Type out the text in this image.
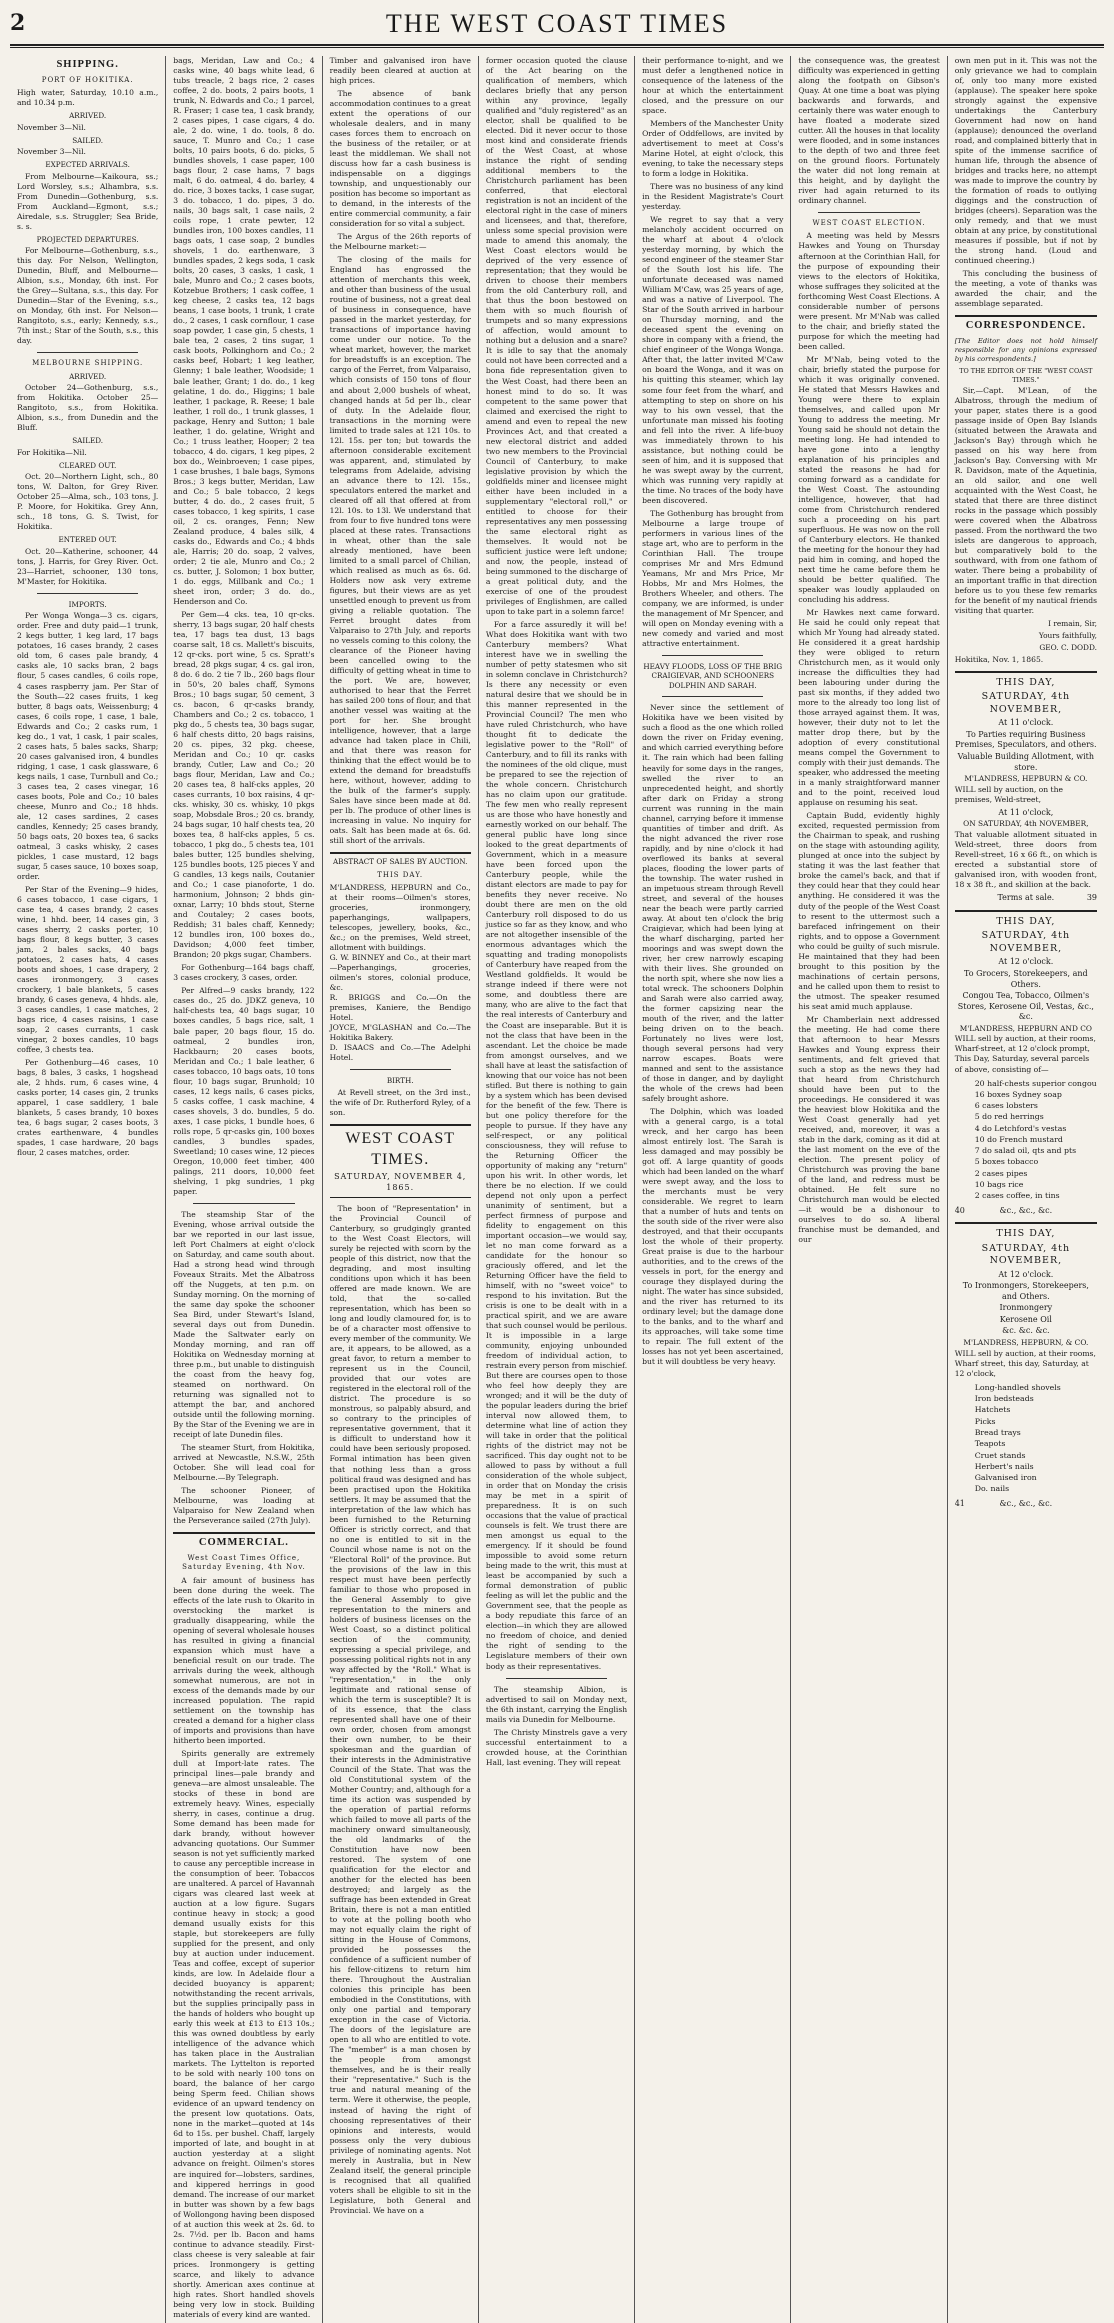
2	THE WEST COAST TIMES
SHIPPING.
PORT OF HOKITIKA.

High water, Saturday, 10.10 a.m., and 10.34 p.m.

ARRIVED.

November 3—Nil.

SAILED.

November 3—Nil.

EXPECTED ARRIVALS.

From Melbourne—Kaikoura, ss.; Lord Worsley, s.s.; Alhambra, s.s. From Dunedin—Gothenburg, s.s. From Auckland—Egmont, s.s.; Airedale, s.s. Struggler; Sea Bride, s. s.

PROJECTED DEPARTURES.

For Melbourne—Gothenburg, s.s., this day. For Nelson, Wellington, Dunedin, Bluff, and Melbourne—Albion, s.s., Monday, 6th inst. For the Grey—Sultana, s.s., this day. For Dunedin—Star of the Evening, s.s., on Monday, 6th inst. For Nelson—Rangitoto, s.s., early; Kennedy, s.s., 7th inst.; Star of the South, s.s., this day.

MELBOURNE SHIPPING.
ARRIVED.

October 24—Gothenburg, s.s., from Hokitika. October 25—Rangitoto, s.s., from Hokitika. Albion, s.s., from Dunedin and the Bluff.

SAILED.

For Hokitika—Nil.

CLEARED OUT.

Oct. 20—Northern Light, sch., 80 tons, W. Dalton, for Grey River. October 25—Alma, sch., 103 tons, J. P. Moore, for Hokitika. Grey Ann, sch., 18 tons, G. S. Twist, for Hokitika.

ENTERED OUT.

Oct. 20—Katherine, schooner, 44 tons, J. Harris, for Grey River. Oct. 23—Harriet, schooner, 130 tons, M'Master, for Hokitika.

IMPORTS.

Per Wonga Wonga—3 cs. cigars, order. Free and duty paid—1 trunk, 2 kegs butter, 1 keg lard, 17 bags potatoes, 16 cases brandy, 2 cases old tom, 6 cases pale brandy, 4 casks ale, 10 sacks bran, 2 bags flour, 5 cases candles, 6 coils rope, 4 cases raspberry jam. Per Star of the South—22 cases fruits, 1 keg butter, 8 bags oats, Weissenburg; 4 cases, 6 coils rope, 1 case, 1 bale, Edwards and Co.; 2 casks rum, 1 keg do., 1 vat, 1 cask, 1 pair scales, 2 cases hats, 5 bales sacks, Sharp; 20 cases galvanised iron, 4 bundles ridging, 1 case, 1 cask glassware, 6 kegs nails, 1 case, Turnbull and Co.; 3 cases tea, 2 cases vinegar, 16 cases boots, Pole and Co.; 10 bales cheese, Munro and Co.; 18 hhds. ale, 12 cases sardines, 2 cases candles, Kennedy; 25 cases brandy, 50 bags oats, 20 boxes tea, 6 sacks oatmeal, 3 casks whisky, 2 cases pickles, 1 case mustard, 12 bags sugar, 5 cases sauce, 10 boxes soap, order.

Per Star of the Evening—9 hides, 6 cases tobacco, 1 case cigars, 1 case tea, 4 cases brandy, 2 cases wine, 1 hhd. beer, 14 cases gin, 3 cases sherry, 2 casks porter, 10 bags flour, 8 kegs butter, 3 cases jam, 2 bales sacks, 40 bags potatoes, 2 cases hats, 4 cases boots and shoes, 1 case drapery, 2 cases ironmongery, 3 cases crockery, 1 bale blankets, 5 cases brandy, 6 cases geneva, 4 hhds. ale, 3 cases candles, 1 case matches, 2 bags rice, 4 cases raisins, 1 case soap, 2 cases currants, 1 cask vinegar, 2 boxes candles, 10 bags coffee, 3 chests tea.

Per Gothenburg—46 cases, 10 bags, 8 bales, 3 casks, 1 hogshead ale, 2 hhds. rum, 6 cases wine, 4 casks porter, 14 cases gin, 2 trunks apparel, 1 case saddlery, 1 bale blankets, 5 cases brandy, 10 boxes tea, 6 bags sugar, 2 cases boots, 3 crates earthenware, 4 bundles spades, 1 case hardware, 20 bags flour, 2 cases matches, order.

bags, Meridan, Law and Co.; 4 casks wine, 40 bags white lead, 6 tubs treacle, 2 bags rice, 2 cases coffee, 2 do. boots, 2 pairs boots, 1 trunk, N. Edwards and Co.; 1 parcel, R. Fraser; 1 case tea, 1 cask brandy, 2 cases pipes, 1 case cigars, 4 do. ale, 2 do. wine, 1 do. tools, 8 do. sauce, T. Munro and Co.; 1 case bolts, 10 pairs boots, 6 do. picks, 5 bundles shovels, 1 case paper, 100 bags flour, 2 case hams, 7 bags malt, 6 do. oatmeal, 4 do. barley, 4 do. rice, 3 boxes tacks, 1 case sugar, 3 do. tobacco, 1 do. pipes, 3 do. nails, 30 bags salt, 1 case nails, 2 coils rope, 1 crate pewter, 12 bundles iron, 100 boxes candles, 11 bags oats, 1 case soap, 2 bundles shovels, 1 do. earthenware, 3 bundles spades, 2 kegs soda, 1 cask bolts, 20 cases, 3 casks, 1 cask, 1 bale, Munro and Co.; 2 cases boots, Kotzebue Brothers; 1 cask coffee, 1 keg cheese, 2 casks tea, 12 bags beans, 1 case boots, 1 trunk, 1 crate do., 2 cases, 1 cask cornflour, 1 case soap powder, 1 case gin, 5 chests, 1 bale tea, 2 cases, 2 tins sugar, 1 cask boots, Polkinghorn and Co.; 2 casks beef, Hobart; 1 keg leather, Glenny; 1 bale leather, Woodside; 1 bale leather, Grant; 1 do. do., 1 keg gelatine, 1 do. do., Higgins; 1 bale leather, 1 package, R. Reese; 1 bale leather, 1 roll do., 1 trunk glasses, 1 package, Henry and Sutton; 1 bale leather, 1 do. gelatine, Wright and Co.; 1 truss leather, Hooper; 2 tea tobacco, 4 do. cigars, 1 keg pipes, 2 box do., Weinbroeven; 1 case pipes, 1 case brushes, 1 bale bags, Symons Bros.; 3 kegs butter, Meridan, Law and Co.; 5 bale tobacco, 2 kegs butter, 4 do. do., 2 cases fruit, 5 cases tobacco, 1 keg spirits, 1 case oil, 2 cs. oranges, Fenn; New Zealand produce, 4 bales silk, 4 casks do., Edwards and Co.; 4 bhds ale, Harris; 20 do. soap, 2 valves, order; 2 tie ale, Munro and Co.; 2 cs. butter, J. Solomon; 1 box butter, 1 do. eggs, Millbank and Co.; 1 sheet iron, order; 3 do. do., Henderson and Co.

Per Gem—4 cks. tea, 10 qr-cks. sherry, 13 bags sugar, 20 half chests tea, 17 bags tea dust, 13 bags coarse salt, 18 cs. Mallett's biscuits, 12 qr-cks. port wine, 5 cs. Spratt's bread, 28 pkgs sugar, 4 cs. gal iron, 8 do. 6 do. 2 tie 7 lb., 260 bags flour in 50's, 20 bales chaff, Symons Bros.; 10 bags sugar, 50 cement, 3 cs. bacon, 6 qr-casks brandy, Chambers and Co.; 2 cs. tobacco, 1 pkg do., 5 chests tea, 30 bags sugar, 6 half chests ditto, 20 bags raisins, 20 cs. pipes, 32 pkg. cheese, Meridan and Co.; 10 qr. casks brandy, Cutler, Law and Co.; 20 bags flour, Meridan, Law and Co.; 20 cases tea, 8 half-cks apples, 20 cases currants, 10 box raisins, 4 qr-cks. whisky, 30 cs. whisky, 10 pkgs soap, Mobsdale Bros.; 20 cs. brandy, 24 bags sugar, 10 half chests tea, 20 boxes tea, 8 half-cks apples, 5 cs. tobacco, 1 pkg do., 5 chests tea, 101 bales butter, 125 bundles shelving, 125 bundles boots, 125 pieces Y and G candles, 13 kegs nails, Coutanier and Co.; 1 case pianoforte, 1 do. harmonium, Johnson; 2 bhds gin-oxnar, Larry; 10 bhds stout, Sterne and Coutaley; 2 cases boots, Reddish; 31 bales chaff, Kennedy; 12 bundles iron, 100 boxes do., Davidson; 4,000 feet timber, Brandon; 20 pkgs sugar, Chambers.

For Gothenburg—164 bags chaff, 3 cases crockery, 3 cases, order.

Per Alfred—9 casks brandy, 122 cases do., 25 do. JDKZ geneva, 10 half-chests tea, 40 bags sugar, 10 boxes candles, 5 bags rice, salt, 1 bale paper, 20 bags flour, 15 do. oatmeal, 2 bundles iron, Hackbaurn; 20 cases boots, Meridan and Co.; 1 bale leather, 6 cases tobacco, 10 bags oats, 10 tons flour, 10 bags sugar, Brunhold; 10 cases, 12 kegs nails, 6 cases picks, 5 casks coffee, 1 cask machine, 4 cases shovels, 3 do. bundles, 5 do. axes, 1 case picks, 1 bundle hoes, 6 rolls rope, 5 qr-casks gin, 100 boxes candles, 3 bundles spades, Sweetland; 10 cases wine, 12 pieces Oregon, 10,000 feet timber, 400 palings, 211 doors, 10,000 feet shelving, 1 pkg sundries, 1 pkg paper.

The steamship Star of the Evening, whose arrival outside the bar we reported in our last issue, left Port Chalmers at eight o'clock on Saturday, and came south about. Had a strong head wind through Foveaux Straits. Met the Albatross off the Nuggets, at ten p.m. on Sunday morning. On the morning of the same day spoke the schooner Sea Bird, under Stewart's Island, several days out from Dunedin. Made the Saltwater early on Monday morning, and ran off Hokitika on Wednesday morning at three p.m., but unable to distinguish the coast from the heavy fog, steamed on northward. On returning was signalled not to attempt the bar, and anchored outside until the following morning. By the Star of the Evening we are in receipt of late Dunedin files.

The steamer Sturt, from Hokitika, arrived at Newcastle, N.S.W., 25th October. She will lead coal for Melbourne.—By Telegraph.

The schooner Pioneer, of Melbourne, was loading at Valparaiso for New Zealand when the Perseverance sailed (27th July).

COMMERCIAL.
West Coast Times Office, Saturday Evening, 4th Nov.

A fair amount of business has been done during the week. The effects of the late rush to Okarito in overstocking the market is gradually disappearing, while the opening of several wholesale houses has resulted in giving a financial expansion which must have a beneficial result on our trade. The arrivals during the week, although somewhat numerous, are not in excess of the demands made by our increased population. The rapid settlement on the township has created a demand for a higher class of imports and provisions than have hitherto been imported.

Spirits generally are extremely dull at Import-late rates. The principal lines—pale brandy and geneva—are almost unsaleable. The stocks of these in bond are extremely heavy. Wines, especially sherry, in cases, continue a drug. Some demand has been made for dark brandy, without however advancing quotations. Our Summer season is not yet sufficiently marked to cause any perceptible increase in the consumption of beer. Tobaccos are unaltered. A parcel of Havannah cigars was cleared last week at auction at a low figure. Sugars continue heavy in stock; a good demand usually exists for this staple, but storekeepers are fully supplied for the present, and only buy at auction under inducement. Teas and coffee, except of superior kinds, are low. In Adelaide flour a decided buoyancy is apparent; notwithstanding the recent arrivals, but the supplies principally pass in the hands of holders who bought up early this week at £13 to £13 10s.; this was owned doubtless by early intelligence of the advance which has taken place in the Australian markets. The Lyttelton is reported to be sold with nearly 100 tons on board, the balance of her cargo being Sperm feed. Chilian shows evidence of an upward tendency on the present low quotations. Oats, none in the market—quoted at 14s 6d to 15s. per bushel. Chaff, largely imported of late, and bought in at auction yesterday at a slight advance on freight. Oilmen's stores are inquired for—lobsters, sardines, and kippered herrings in good demand. The increase of our market in butter was shown by a few bags of Wollongong having been disposed of at auction this week at 2s. 6d. to 2s. 7½d. per lb. Bacon and hams continue to advance steadily. First-class cheese is very saleable at fair prices. Ironmongery is getting scarce, and likely to advance shortly. American axes continue at high rates. Short handled shovels being very low in stock. Building materials of every kind are wanted.

Timber and galvanised iron have readily been cleared at auction at high prices.

The absence of bank accommodation continues to a great extent the operations of our wholesale dealers, and in many cases forces them to encroach on the business of the retailer, or at least the middleman. We shall not discuss how far a cash business is indispensable on a diggings township, and unquestionably our position has become so important as to demand, in the interests of the entire commercial community, a fair consideration for so vital a subject.

The Argus of the 26th reports of the Melbourne market:—

The closing of the mails for England has engrossed the attention of merchants this week, and other than business of the usual routine of business, not a great deal of business in consequence, have passed in the market yesterday, for transactions of importance having come under our notice. To the wheat market, however, the market for breadstuffs is an exception. The cargo of the Ferret, from Valparaiso, which consists of 150 tons of flour and about 2,000 bushels of wheat, changed hands at 5d per lb., clear of duty. In the Adelaide flour, transactions in the morning were limited to trade sales at 121 10s. to 12l. 15s. per ton; but towards the afternoon considerable excitement was apparent, and, stimulated by telegrams from Adelaide, advising an advance there to 12l. 15s., speculators entered the market and cleared off all that offered at from 12l. 10s. to 13l. We understand that from four to five hundred tons were placed at these rates. Transactions in wheat, other than the sale already mentioned, have been limited to a small parcel of Chilian, which realised as much as 6s. 6d. Holders now ask very extreme figures, but their views are as yet unsettled enough to prevent us from giving a reliable quotation. The Ferret brought dates from Valparaiso to 27th July, and reports no vessels coming to this colony, the clearance of the Pioneer having been cancelled owing to the difficulty of getting wheat in time to the port. We are, however, authorised to hear that the Ferret has sailed 200 tons of flour, and that another vessel was waiting at the port for her. She brought intelligence, however, that a large advance had taken place in Chili, and that there was reason for thinking that the effect would be to extend the demand for breadstuffs here, without, however, adding to the bulk of the farmer's supply. Sales have since been made at 8d. per lb. The produce of other lines is increasing in value. No inquiry for oats. Salt has been made at 6s. 6d. still short of the arrivals.

ABSTRACT OF SALES BY AUCTION.
THIS DAY.

M'LANDRESS, HEPBURN and Co., at their rooms—Oilmen's stores, groceries, ironmongery, paperhangings, wallpapers, telescopes, jewellery, books, &c., &c.; on the premises, Weld street, allotment with buildings.
G. W. BINNEY and Co., at their mart—Paperhangings, groceries, oilmen's stores, colonial produce, &c.
R. BRIGGS and Co.—On the premises, Kaniere, the Bendigo Hotel.
JOYCE, M'GLASHAN and Co.—The Hokitika Bakery.
D. ISAACS and Co.—The Adelphi Hotel.

BIRTH.

At Revell street, on the 3rd inst., the wife of Dr. Rutherford Ryley, of a son.

WEST COAST TIMES.
SATURDAY, NOVEMBER 4, 1865.

The boon of "Representation" in the Provincial Council of Canterbury, so grudgingly granted to the West Coast Electors, will surely be rejected with scorn by the people of this district, now that the degrading, and most insulting conditions upon which it has been offered are made known. We are told, that the so-called representation, which has been so long and loudly clamoured for, is to be of a character most offensive to every member of the community. We are, it appears, to be allowed, as a great favor, to return a member to represent us in the Council, provided that our votes are registered in the electoral roll of the district. The procedure is so monstrous, so palpably absurd, and so contrary to the principles of representative government, that it is difficult to understand how it could have been seriously proposed. Formal intimation has been given that nothing less than a gross political fraud was designed and has been practised upon the Hokitika settlers. It may be assumed that the interpretation of the law which has been furnished to the Returning Officer is strictly correct, and that no one is entitled to sit in the Council whose name is not on the "Electoral Roll" of the province. But the provisions of the law in this respect must have been perfectly familiar to those who proposed in the General Assembly to give representation to the miners and holders of business licenses on the West Coast, so a distinct political section of the community, expressing a special privilege, and possessing political rights not in any way affected by the "Roll." What is "representation," in the only legitimate and rational sense of which the term is susceptible? It is of its essence, that the class represented shall have one of their own order, chosen from amongst their own number, to be their spokesman and the guardian of their interests in the Administrative Council of the State. That was the old Constitutional system of the Mother Country; and, although for a time its action was suspended by the operation of partial reforms which failed to move all parts of the machinery onward simultaneously, the old landmarks of the Constitution have now been restored. The system of one qualification for the elector and another for the elected has been destroyed; and largely as the suffrage has been extended in Great Britain, there is not a man entitled to vote at the polling booth who may not equally claim the right of sitting in the House of Commons, provided he possesses the confidence of a sufficient number of his fellow-citizens to return him there. Throughout the Australian colonies this principle has been embodied in the Constitutions, with only one partial and temporary exception in the case of Victoria. The doors of the legislature are open to all who are entitled to vote. The "member" is a man chosen by the people from amongst themselves, and he is their really their "representative." Such is the true and natural meaning of the term. Were it otherwise, the people, instead of having the right of choosing representatives of their opinions and interests, would possess only the very dubious privilege of nominating agents. Not merely in Australia, but in New Zealand itself, the general principle is recognised that all qualified voters shall be eligible to sit in the Legislature, both General and Provincial. We have on a

former occasion quoted the clause of the Act bearing on the qualification of members, which declares briefly that any person within any province, legally qualified and "duly registered" as an elector, shall be qualified to be elected. Did it never occur to those most kind and considerate friends of the West Coast, at whose instance the right of sending additional members to the Christchurch parliament has been conferred, that electoral registration is not an incident of the electoral right in the case of miners and licensees, and that, therefore, unless some special provision were made to amend this anomaly, the West Coast electors would be deprived of the very essence of representation; that they would be driven to choose their members from the old Canterbury roll, and that thus the boon bestowed on them with so much flourish of trumpets and so many expressions of affection, would amount to nothing but a delusion and a snare? It is idle to say that the anomaly could not have been corrected and a bona fide representation given to the West Coast, had there been an honest mind to do so. It was competent to the same power that claimed and exercised the right to amend and even to repeal the new Provinces Act, and that created a new electoral district and added two new members to the Provincial Council of Canterbury, to make legislative provision by which the goldfields miner and licensee might either have been included in a supplementary "electoral roll," or entitled to choose for their representatives any men possessing the same electoral right as themselves. It would not be sufficient justice were left undone; and now, the people, instead of being summoned to the discharge of a great political duty, and the exercise of one of the proudest privileges of Englishmen, are called upon to take part in a solemn farce!

For a farce assuredly it will be! What does Hokitika want with two Canterbury members? What interest have we in swelling the number of petty statesmen who sit in solemn conclave in Christchurch? Is there any necessity or even natural desire that we should be in this manner represented in the Provincial Council? The men who have ruled Christchurch, who have thought fit to dedicate the legislative power to the "Roll" of Canterbury, and to fill its ranks with the nominees of the old clique, must be prepared to see the rejection of the whole concern. Christchurch has no claim upon our gratitude. The few men who really represent us are those who have honestly and earnestly worked on our behalf. The general public have long since looked to the great departments of Government, which in a measure have been forced upon the Canterbury people, while the distant electors are made to pay for benefits they never receive. No doubt there are men on the old Canterbury roll disposed to do us justice so far as they know, and who are not altogether insensible of the enormous advantages which the squatting and trading monopolists of Canterbury have reaped from the Westland goldfields. It would be strange indeed if there were not some, and doubtless there are many, who are alive to the fact that the real interests of Canterbury and the Coast are inseparable. But it is not the class that have been in the ascendant. Let the choice be made from amongst ourselves, and we shall have at least the satisfaction of knowing that our voice has not been stifled. But there is nothing to gain by a system which has been devised for the benefit of the few. There is but one policy therefore for the people to pursue. If they have any self-respect, or any political consciousness, they will refuse to the Returning Officer the opportunity of making any "return" upon his writ. In other words, let there be no election. If we could depend not only upon a perfect unanimity of sentiment, but a perfect firmness of purpose and fidelity to engagement on this important occasion—we would say, let no man come forward as a candidate for the honour so graciously offered, and let the Returning Officer have the field to himself, with no "sweet voice" to respond to his invitation. But the crisis is one to be dealt with in a practical spirit, and we are aware that such counsel would be perilous. It is impossible in a large community, enjoying unbounded freedom of individual action, to restrain every person from mischief. But there are courses open to those who feel how deeply they are wronged; and it will be the duty of the popular leaders during the brief interval now allowed them, to determine what line of action they will take in order that the political rights of the district may not be sacrificed. This day ought not to be allowed to pass by without a full consideration of the whole subject, in order that on Monday the crisis may be met in a spirit of preparedness. It is on such occasions that the value of practical counsels is felt. We trust there are men amongst us equal to the emergency. If it should be found impossible to avoid some return being made to the writ, this must at least be accompanied by such a formal demonstration of public feeling as will let the public and the Government see, that the people as a body repudiate this farce of an election—in which they are allowed no freedom of choice, and denied the right of sending to the Legislature members of their own body as their representatives.

The steamship Albion, is advertised to sail on Monday next, the 6th instant, carrying the English mails via Dunedin for Melbourne.

The Christy Minstrels gave a very successful entertainment to a crowded house, at the Corinthian Hall, last evening. They will repeat

their performance to-night, and we must defer a lengthened notice in consequence of the lateness of the hour at which the entertainment closed, and the pressure on our space.

Members of the Manchester Unity Order of Oddfellows, are invited by advertisement to meet at Coss's Marine Hotel, at eight o'clock, this evening, to take the necessary steps to form a lodge in Hokitika.

There was no business of any kind in the Resident Magistrate's Court yesterday.

We regret to say that a very melancholy accident occurred on the wharf at about 4 o'clock yesterday morning, by which the second engineer of the steamer Star of the South lost his life. The unfortunate deceased was named William M'Caw, was 25 years of age, and was a native of Liverpool. The Star of the South arrived in harbour on Thursday morning, and the deceased spent the evening on shore in company with a friend, the chief engineer of the Wonga Wonga. After that, the latter invited M'Caw on board the Wonga, and it was on his quitting this steamer, which lay some four feet from the wharf, and attempting to step on shore on his way to his own vessel, that the unfortunate man missed his footing and fell into the river. A life-buoy was immediately thrown to his assistance, but nothing could be seen of him, and it is supposed that he was swept away by the current, which was running very rapidly at the time. No traces of the body have been discovered.

The Gothenburg has brought from Melbourne a large troupe of performers in various lines of the stage art, who are to perform in the Corinthian Hall. The troupe comprises Mr and Mrs Edmund Yeamans, Mr and Mrs Price, Mr Hobbs, Mr and Mrs Holmes, the Brothers Wheeler, and others. The company, we are informed, is under the management of Mr Spencer, and will open on Monday evening with a new comedy and varied and most attractive entertainment.

HEAVY FLOODS, LOSS OF THE BRIG CRAIGIEVAR, AND SCHOONERS DOLPHIN AND SARAH.

Never since the settlement of Hokitika have we been visited by such a flood as the one which rolled down the river on Friday evening, and which carried everything before it. The rain which had been falling heavily for some days in the ranges, swelled the river to an unprecedented height, and shortly after dark on Friday a strong current was running in the main channel, carrying before it immense quantities of timber and drift. As the night advanced the river rose rapidly, and by nine o'clock it had overflowed its banks at several places, flooding the lower parts of the township. The water rushed in an impetuous stream through Revell street, and several of the houses near the beach were partly carried away. At about ten o'clock the brig Craigievar, which had been lying at the wharf discharging, parted her moorings and was swept down the river, her crew narrowly escaping with their lives. She grounded on the north spit, where she now lies a total wreck. The schooners Dolphin and Sarah were also carried away, the former capsizing near the mouth of the river, and the latter being driven on to the beach. Fortunately no lives were lost, though several persons had very narrow escapes. Boats were manned and sent to the assistance of those in danger, and by daylight the whole of the crews had been safely brought ashore.

The Dolphin, which was loaded with a general cargo, is a total wreck, and her cargo has been almost entirely lost. The Sarah is less damaged and may possibly be got off. A large quantity of goods which had been landed on the wharf were swept away, and the loss to the merchants must be very considerable. We regret to learn that a number of huts and tents on the south side of the river were also destroyed, and that their occupants lost the whole of their property. Great praise is due to the harbour authorities, and to the crews of the vessels in port, for the energy and courage they displayed during the night. The water has since subsided, and the river has returned to its ordinary level; but the damage done to the banks, and to the wharf and its approaches, will take some time to repair. The full extent of the losses has not yet been ascertained, but it will doubtless be very heavy.

the consequence was, the greatest difficulty was experienced in getting along the footpath on Gibson's Quay. At one time a boat was plying backwards and forwards, and certainly there was water enough to have floated a moderate sized cutter. All the houses in that locality were flooded, and in some instances to the depth of two and three feet on the ground floors. Fortunately the water did not long remain at this height, and by daylight the river had again returned to its ordinary channel.

WEST COAST ELECTION.

A meeting was held by Messrs Hawkes and Young on Thursday afternoon at the Corinthian Hall, for the purpose of expounding their views to the electors of Hokitika, whose suffrages they solicited at the forthcoming West Coast Elections. A considerable number of persons were present. Mr M'Nab was called to the chair, and briefly stated the purpose for which the meeting had been called.

Mr M'Nab, being voted to the chair, briefly stated the purpose for which it was originally convened. He stated that Messrs Hawkes and Young were there to explain themselves, and called upon Mr Young to address the meeting. Mr Young said he should not detain the meeting long. He had intended to have gone into a lengthy explanation of his principles and stated the reasons he had for coming forward as a candidate for the West Coast. The astounding intelligence, however, that had come from Christchurch rendered such a proceeding on his part superfluous. He was now on the roll of Canterbury electors. He thanked the meeting for the honour they had paid him in coming, and hoped the next time he came before them he should be better qualified. The speaker was loudly applauded on concluding his address.

Mr Hawkes next came forward. He said he could only repeat that which Mr Young had already stated. He considered it a great hardship they were obliged to return Christchurch men, as it would only increase the difficulties they had been labouring under during the past six months, if they added two more to the already too long list of those arrayed against them. It was, however, their duty not to let the matter drop there, but by the adoption of every constitutional means compel the Government to comply with their just demands. The speaker, who addressed the meeting in a manly straightforward manner and to the point, received loud applause on resuming his seat.

Captain Budd, evidently highly excited, requested permission from the Chairman to speak, and rushing on the stage with astounding agility, plunged at once into the subject by stating it was the last feather that broke the camel's back, and that if they could hear that they could hear anything. He considered it was the duty of the people of the West Coast to resent to the uttermost such a barefaced infringement on their rights, and to oppose a Government who could be guilty of such misrule. He maintained that they had been brought to this position by the machinations of certain persons, and he called upon them to resist to the utmost. The speaker resumed his seat amid much applause.

Mr Chamberlain next addressed the meeting. He had come there that afternoon to hear Messrs Hawkes and Young express their sentiments, and felt grieved that such a stop as the news they had that heard from Christchurch should have been put to the proceedings. He considered it was the heaviest blow Hokitika and the West Coast generally had yet received, and, moreover, it was a stab in the dark, coming as it did at the last moment on the eve of the election. The present policy of Christchurch was proving the bane of the land, and redress must be obtained. He felt sure no Christchurch man would be elected—it would be a dishonour to ourselves to do so. A liberal franchise must be demanded, and our

own men put in it. This was not the only grievance we had to complain of, only too many more existed (applause). The speaker here spoke strongly against the expensive undertakings the Canterbury Government had now on hand (applause); denounced the overland road, and complained bitterly that in spite of the immense sacrifice of human life, through the absence of bridges and tracks here, no attempt was made to improve the country by the formation of roads to outlying diggings and the construction of bridges (cheers). Separation was the only remedy, and that we must obtain at any price, by constitutional measures if possible, but if not by the strong hand. (Loud and continued cheering.)

This concluding the business of the meeting, a vote of thanks was awarded the chair, and the assemblage separated.

CORRESPONDENCE.

[The Editor does not hold himself responsible for any opinions expressed by his correspondents.]

TO THE EDITOR OF THE "WEST COAST TIMES."

Sir,—Capt. M'Lean, of the Albatross, through the medium of your paper, states there is a good passage inside of Open Bay Islands (situated between the Arawata and Jackson's Bay) through which he passed on his way here from Jackson's Bay. Conversing with Mr R. Davidson, mate of the Aquetinia, an old sailor, and one well acquainted with the West Coast, he stated that there are three distinct rocks in the passage which possibly were covered when the Albatross passed. From the northward the two islets are dangerous to approach, but comparatively bold to the southward, with from one fathom of water. There being a probability of an important traffic in that direction before us to you these few remarks for the benefit of my nautical friends visiting that quarter.

I remain, Sir,
Yours faithfully,
GEO. C. DODD.

Hokitika, Nov. 1, 1865.

THIS DAY,
SATURDAY, 4th NOVEMBER,
At 11 o'clock.
To Parties requiring Business Premises, Speculators, and others.
Valuable Building Allotment, with store.
M'LANDRESS, HEPBURN & CO.

WILL sell by auction, on the premises, Weld-street,

At 11 o'clock,
ON SATURDAY, 4th NOVEMBER,

That valuable allotment situated in Weld-street, three doors from Revell-street, 16 x 66 ft., on which is erected a substantial store of galvanised iron, with wooden front, 18 x 38 ft., and skillion at the back.

Terms at sale.	39
THIS DAY,
SATURDAY, 4th NOVEMBER,
At 12 o'clock.
To Grocers, Storekeepers, and Others.
Congou Tea, Tobacco, Oilmen's Stores, Kerosene Oil, Vestas, &c., &c.
M'LANDRESS, HEPBURN AND CO

WILL sell by auction, at their rooms, Wharf-street, at 12 o'clock prompt, This Day, Saturday, several parcels of above, consisting of—

20 half-chests superior congou
16 boxes Sydney soap
6 cases lobsters
5 do red herrings
4 do Letchford's vestas
10 do French mustard
7 do salad oil, qts and pts
5 boxes tobacco
2 cases pipes
10 bags rice
2 cases coffee, in tins
40	&c., &c., &c.
THIS DAY,
SATURDAY, 4th NOVEMBER,
At 12 o'clock.
To Ironmongers, Storekeepers, and Others.
Ironmongery
Kerosene Oil
&c. &c. &c.
M'LANDRESS, HEPBURN, & CO.

WILL sell by auction, at their rooms, Wharf street, this day, Saturday, at 12 o'clock,

Long-handled shovels
Iron bedsteads
Hatchets
Picks
Bread trays
Teapots
Cruet stands
Herbert's nails
Galvanised iron
Do. nails
41	&c., &c., &c.
